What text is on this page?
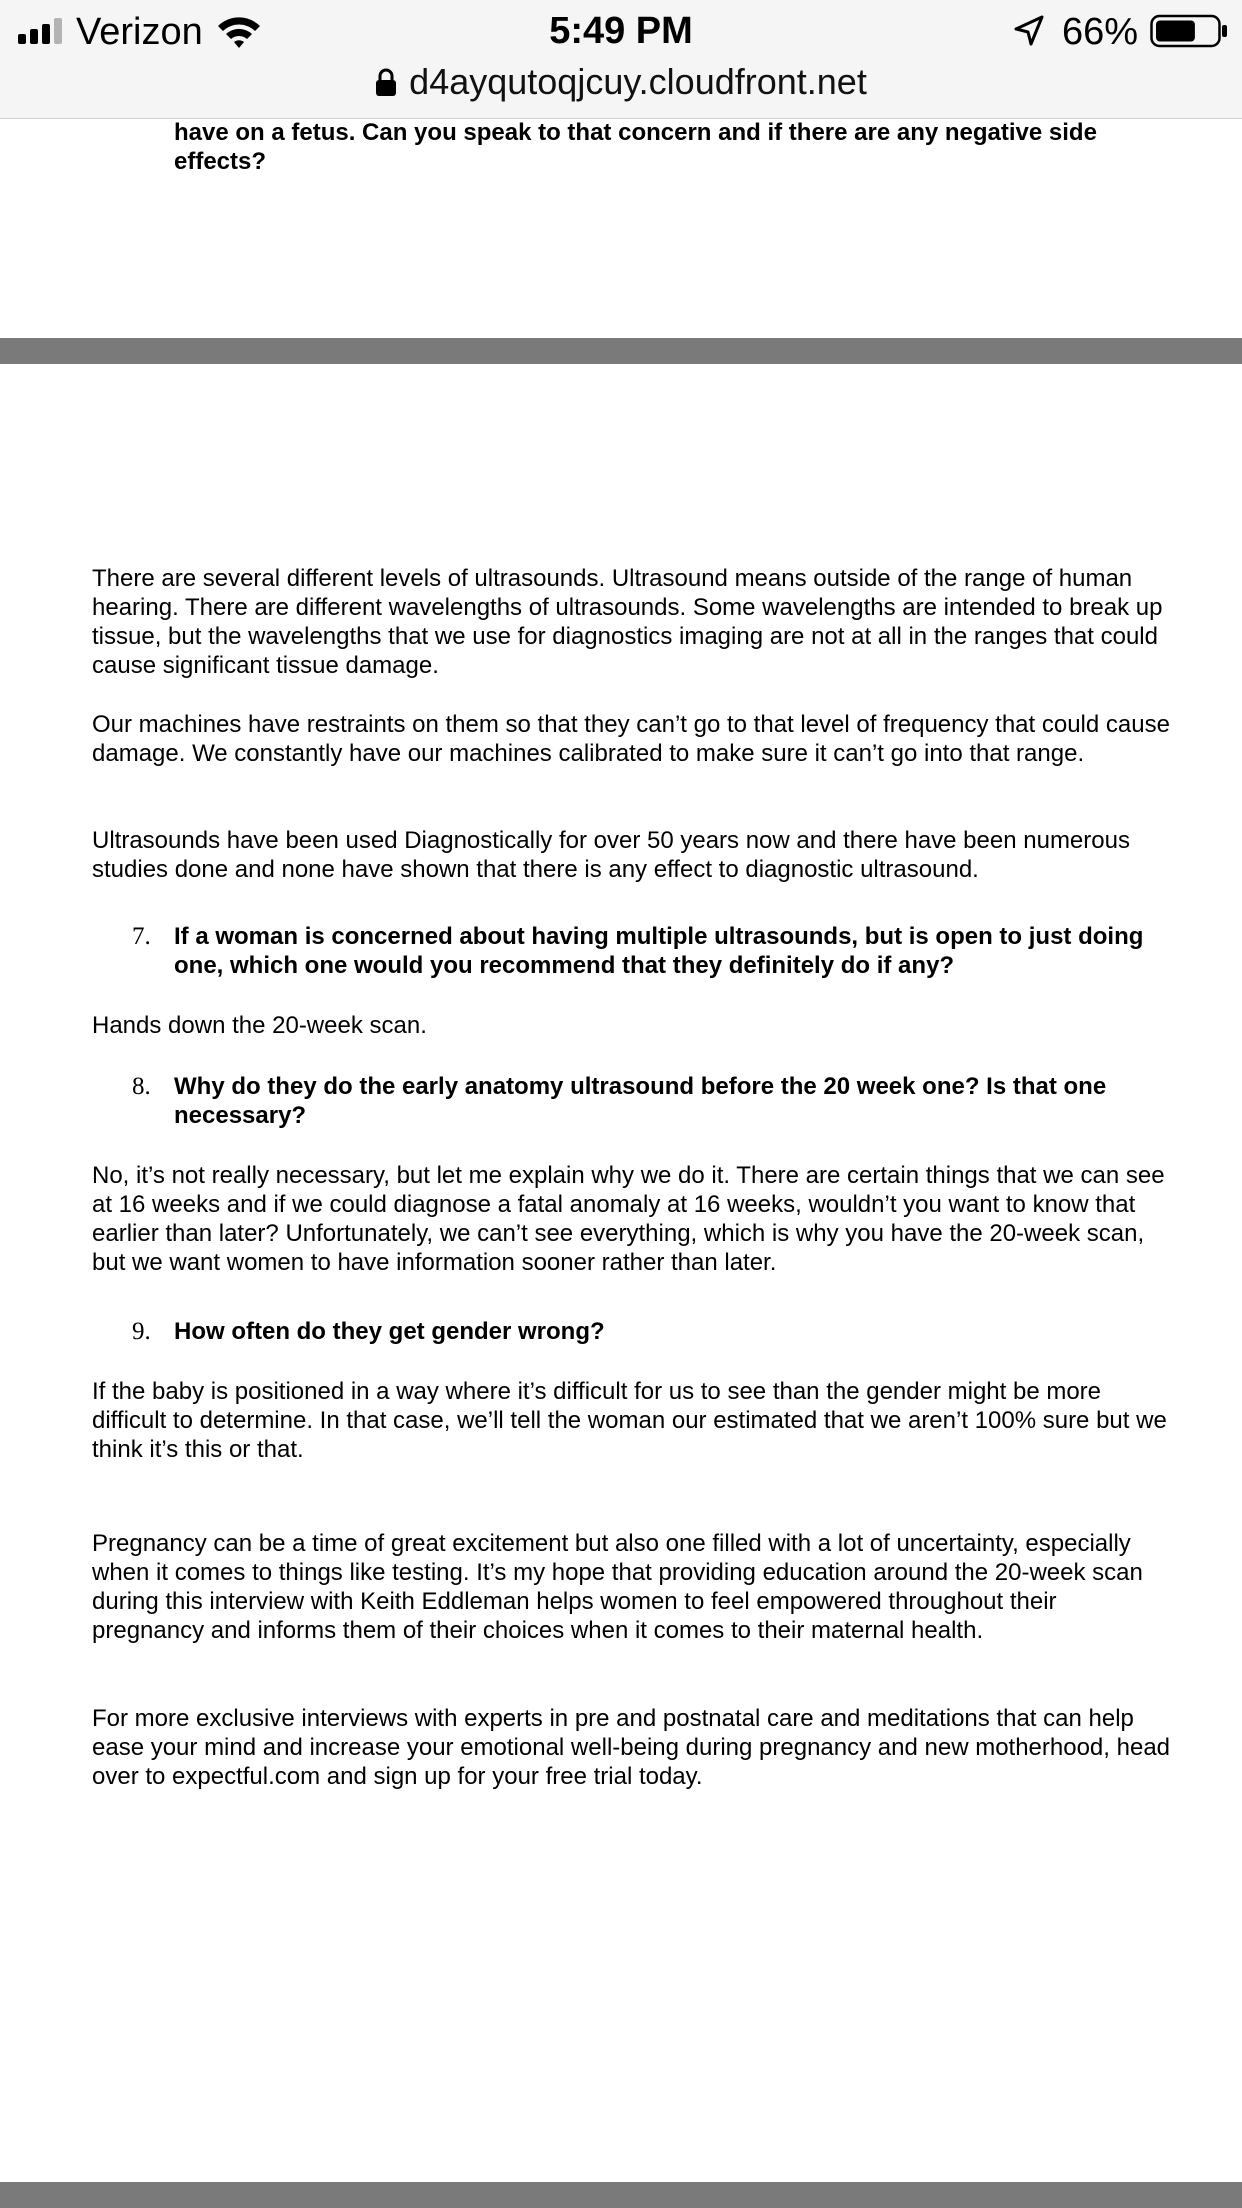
Verizon	5:49 PM	66%
d4ayqutoqjcuy.cloudfront.net
have on a fetus. Can you speak to that concern and if there are any negative side
effects?
There are several different levels of ultrasounds. Ultrasound means outside of the range of human hearing. There are different wavelengths of ultrasounds. Some wavelengths are intended to break up tissue, but the wavelengths that we use for diagnostics imaging are not at all in the ranges that could cause significant tissue damage.
Our machines have restraints on them so that they can’t go to that level of frequency that could cause damage. We constantly have our machines calibrated to make sure it can’t go into that range.
Ultrasounds have been used Diagnostically for over 50 years now and there have been numerous studies done and none have shown that there is any effect to diagnostic ultrasound.
7. If a woman is concerned about having multiple ultrasounds, but is open to just doing one, which one would you recommend that they definitely do if any?
Hands down the 20-week scan.
8. Why do they do the early anatomy ultrasound before the 20 week one? Is that one necessary?
No, it’s not really necessary, but let me explain why we do it. There are certain things that we can see at 16 weeks and if we could diagnose a fatal anomaly at 16 weeks, wouldn’t you want to know that earlier than later? Unfortunately, we can’t see everything, which is why you have the 20-week scan, but we want women to have information sooner rather than later.
9. How often do they get gender wrong?
If the baby is positioned in a way where it’s difficult for us to see than the gender might be more difficult to determine. In that case, we’ll tell the woman our estimated that we aren’t 100% sure but we think it’s this or that.
Pregnancy can be a time of great excitement but also one filled with a lot of uncertainty, especially when it comes to things like testing. It’s my hope that providing education around the 20-week scan during this interview with Keith Eddleman helps women to feel empowered throughout their pregnancy and informs them of their choices when it comes to their maternal health.
For more exclusive interviews with experts in pre and postnatal care and meditations that can help ease your mind and increase your emotional well-being during pregnancy and new motherhood, head over to expectful.com and sign up for your free trial today.
